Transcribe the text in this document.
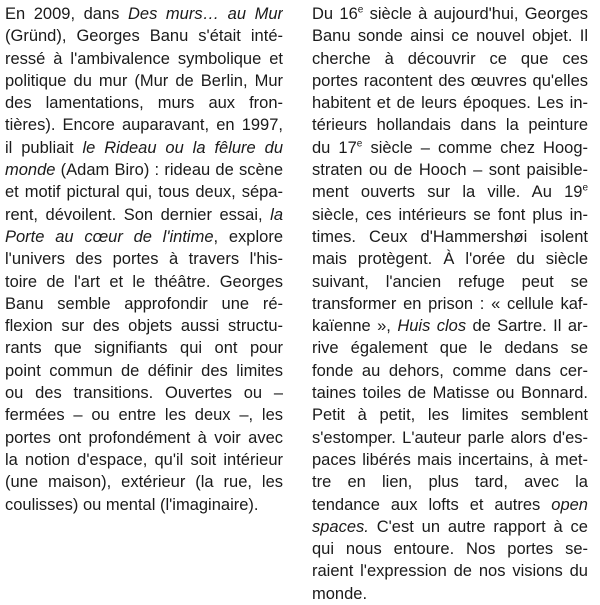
En 2009, dans Des murs… au Mur
(Gründ), Georges Banu s'était inté-
ressé à l'ambivalence symbolique et
politique du mur (Mur de Berlin, Mur
des lamentations, murs aux fron-
tières). Encore auparavant, en 1997,
il publiait le Rideau ou la fêlure du
monde (Adam Biro) : rideau de scène
et motif pictural qui, tous deux, sépa-
rent, dévoilent. Son dernier essai, la
Porte au cœur de l'intime, explore
l'univers des portes à travers l'his-
toire de l'art et le théâtre. Georges
Banu semble approfondir une ré-
flexion sur des objets aussi structu-
rants que signifiants qui ont pour
point commun de définir des limites
ou des transitions. Ouvertes ou –
fermées – ou entre les deux –, les
portes ont profondément à voir avec
la notion d'espace, qu'il soit intérieur
(une maison), extérieur (la rue, les
coulisses) ou mental (l'imaginaire).
Du 16e siècle à aujourd'hui, Georges
Banu sonde ainsi ce nouvel objet. Il
cherche à découvrir ce que ces
portes racontent des œuvres qu'elles
habitent et de leurs époques. Les in-
térieurs hollandais dans la peinture
du 17e siècle – comme chez Hoog-
straten ou de Hooch – sont paisible-
ment ouverts sur la ville. Au 19e
siècle, ces intérieurs se font plus in-
times. Ceux d'Hammershøi isolent
mais protègent. À l'orée du siècle
suivant, l'ancien refuge peut se
transformer en prison : « cellule kaf-
kaïenne », Huis clos de Sartre. Il ar-
rive également que le dedans se
fonde au dehors, comme dans cer-
taines toiles de Matisse ou Bonnard.
Petit à petit, les limites semblent
s'estomper. L'auteur parle alors d'es-
paces libérés mais incertains, à met-
tre en lien, plus tard, avec la
tendance aux lofts et autres open
spaces. C'est un autre rapport à ce
qui nous entoure. Nos portes se-
raient l'expression de nos visions du
monde.
